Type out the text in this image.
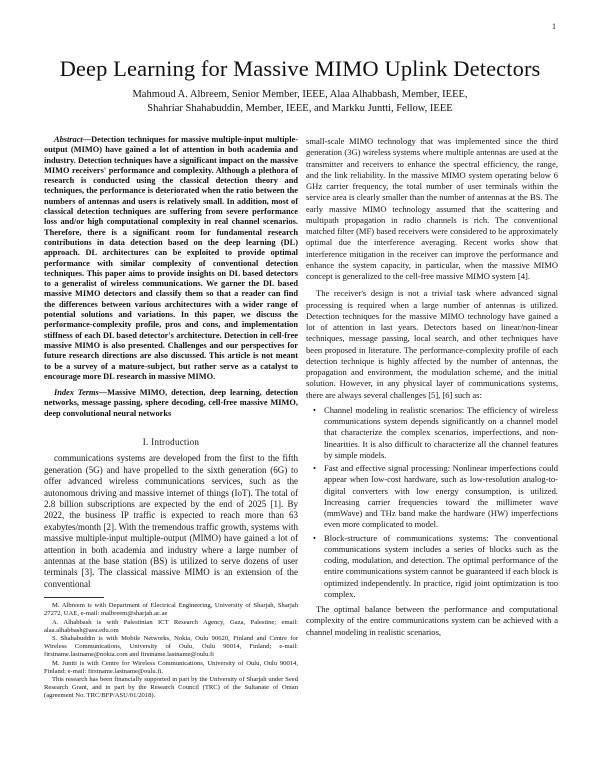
1
Deep Learning for Massive MIMO Uplink Detectors
Mahmoud A. Albreem, Senior Member, IEEE, Alaa Alhabbash, Member, IEEE,
Shahriar Shahabuddin, Member, IEEE, and Markku Juntti, Fellow, IEEE

Abstract—Detection techniques for massive multiple-input multiple-output (MIMO) have gained a lot of attention in both academia and industry. Detection techniques have a significant impact on the massive MIMO receivers' performance and complexity. Although a plethora of research is conducted using the classical detection theory and techniques, the performance is deteriorated when the ratio between the numbers of antennas and users is relatively small. In addition, most of classical detection techniques are suffering from severe performance loss and/or high computational complexity in real channel scenarios. Therefore, there is a significant room for fundamental research contributions in data detection based on the deep learning (DL) approach. DL architectures can be exploited to provide optimal performance with similar complexity of conventional detection techniques. This paper aims to provide insights on DL based detectors to a generalist of wireless communications. We garner the DL based massive MIMO detectors and classify them so that a reader can find the differences between various architectures with a wider range of potential solutions and variations. In this paper, we discuss the performance-complexity profile, pros and cons, and implementation stiffness of each DL based detector's architecture. Detection in cell-free massive MIMO is also presented. Challenges and our perspectives for future research directions are also discussed. This article is not meant to be a survey of a mature-subject, but rather serve as a catalyst to encourage more DL research in massive MIMO.

Index Terms—Massive MIMO, detection, deep learning, detection networks, message passing, sphere decoding, cell-free massive MIMO, deep convolutional neural networks

I. Introduction

communications systems are developed from the first to the fifth generation (5G) and have propelled to the sixth generation (6G) to offer advanced wireless communications services, such as the autonomous driving and massive internet of things (IoT). The total of 2.8 billion subscriptions are expected by the end of 2025 [1]. By 2022, the business IP traffic is expected to reach more than 63 exabytes/month [2]. With the tremendous traffic growth, systems with massive multiple-input multiple-output (MIMO) have gained a lot of attention in both academia and industry where a large number of antennas at the base station (BS) is utilized to serve dozens of user terminals [3]. The classical massive MIMO is an extension of the conventional

M. Albreem is with Department of Electrical Engineering, University of Sharjah, Sharjah 27272, UAE, e-mail: malbreem@sharjah.ac.ae

A. Alhabbash is with Palestinian ICT Research Agency, Gaza, Palestine; email: alaa.alhabbash@asu.edu.om

S. Shahabuddin is with Mobile Networks, Nokia, Oulu 90620, Finland and Centre for Wireless Communications, University of Oulu, Oulu 90014, Finland; e-mail: firstname.lastname@nokia.com and firstname.lastname@oulu.fi

M. Juntti is with Centre for Wireless Communications, University of Oulu, Oulu 90014, Finland; e-mail: firstname.lastname@oulu.fi.

This research has been financially supported in part by the University of Sharjah under Seed Research Grant, and in part by the Research Council (TRC) of the Sultanate of Oman (agreement No. TRC/BFP/ASU/01/2018).

small-scale MIMO technology that was implemented since the third generation (3G) wireless systems where multiple antennas are used at the transmitter and receivers to enhance the spectral efficiency, the range, and the link reliability. In the massive MIMO system operating below 6 GHz carrier frequency, the total number of user terminals within the service area is clearly smaller than the number of antennas at the BS. The early massive MIMO technology assumed that the scattering and multipath propagation in radio channels is rich. The conventional matched filter (MF) based receivers were considered to be approximately optimal due the interference averaging. Recent works show that interference mitigation in the receiver can improve the performance and enhance the system capacity, in particular, when the massive MIMO concept is generalized to the cell-free massive MIMO system [4].

The receiver's design is not a trivial task where advanced signal processing is required when a large number of antennas is utilized. Detection techniques for the massive MIMO technology have gained a lot of attention in last years. Detectors based on linear/non-linear techniques, message passing, local search, and other techniques have been proposed in literature. The performance-complexity profile of each detection technique is highly affected by the number of antennas, the propagation and environment, the modulation scheme, and the initial solution. However, in any physical layer of communications systems, there are always several challenges [5], [6] such as:

• Channel modeling in realistic scenarios: The efficiency of wireless communications system depends significantly on a channel model that characterize the complex scenarios, imperfections, and non-linearities. It is also difficult to characterize all the channel features by simple models.
• Fast and effective signal processing: Nonlinear imperfections could appear when low-cost hardware, such as low-resolution analog-to-digital converters with low energy consumption, is utilized. Increasing carrier frequencies toward the millimeter wave (mmWave) and THz band make the hardware (HW) imperfections even more complicated to model.
• Block-structure of communications systems: The conventional communications system includes a series of blocks such as the coding, modulation, and detection. The optimal performance of the entire communications system cannot be guaranteed if each block is optimized independently. In practice, rigid joint optimization is too complex.

The optimal balance between the performance and computational complexity of the entire communications system can be achieved with a channel modeling in realistic scenarios,
